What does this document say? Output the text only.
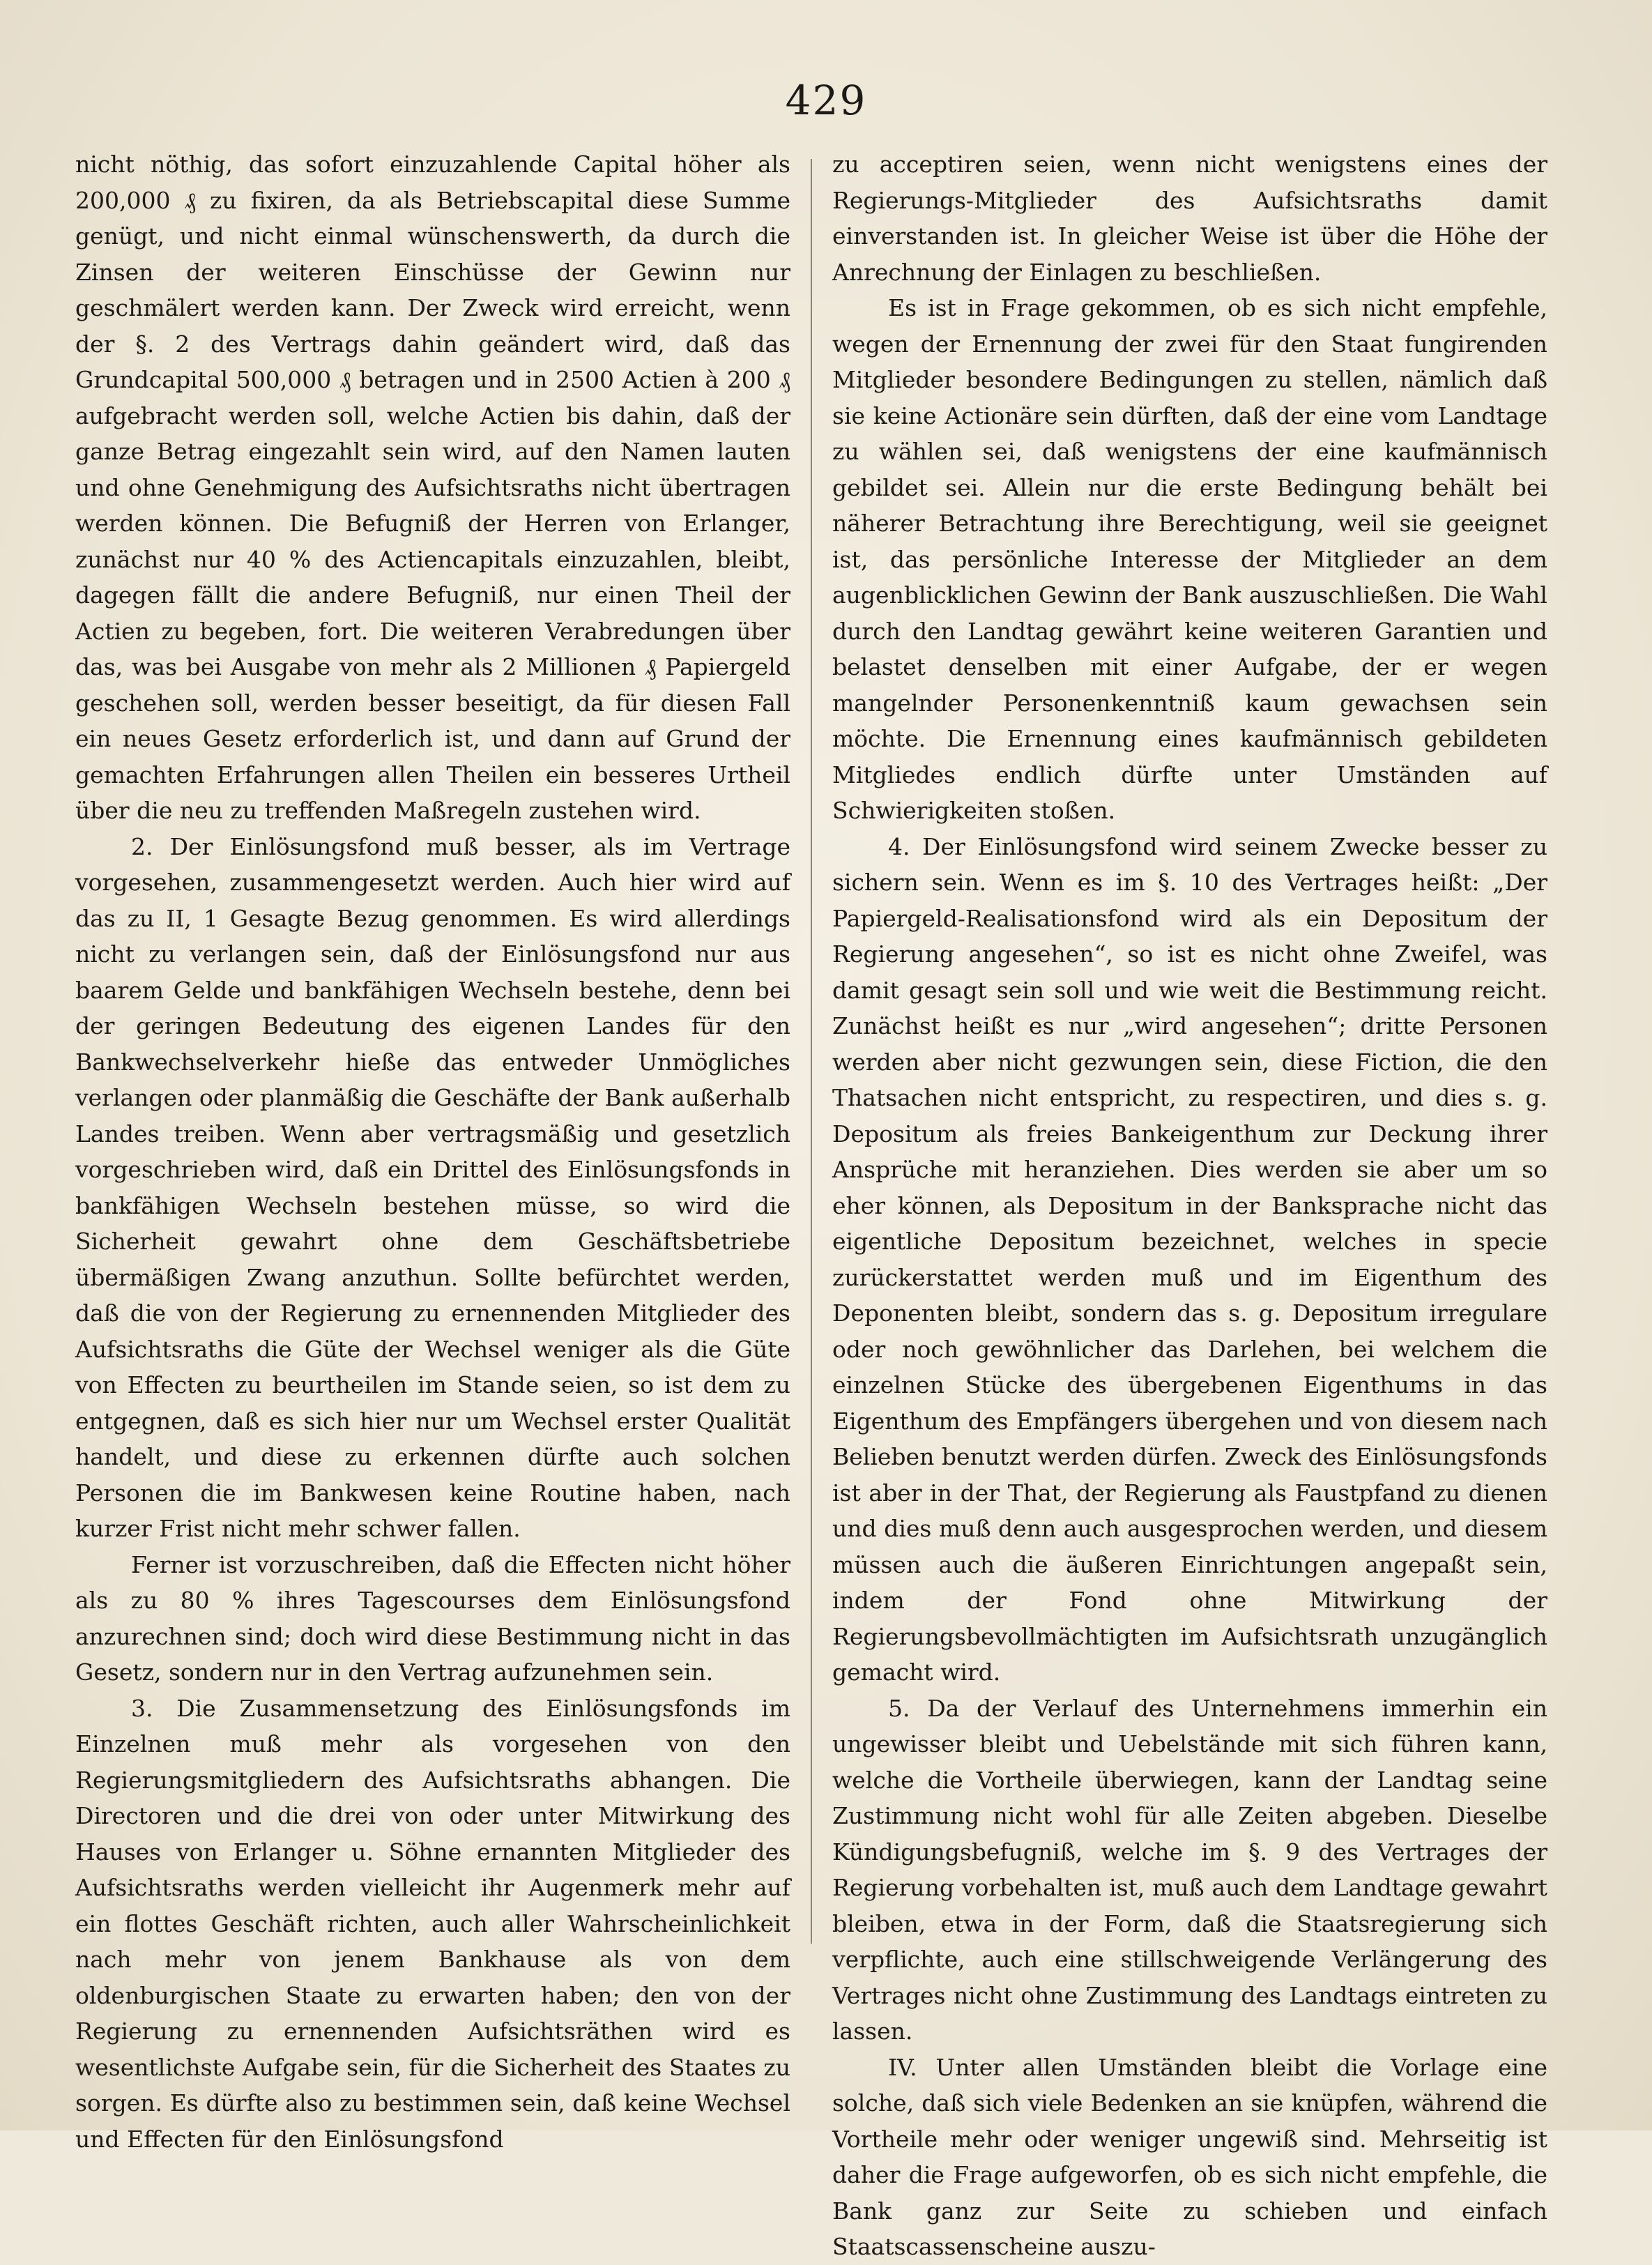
429

nicht nöthig, das sofort einzuzahlende Capital höher als 200,000 ₰ zu fixiren, da als Betriebscapital diese Summe genügt, und nicht einmal wünschenswerth, da durch die Zinsen der weiteren Einschüsse der Gewinn nur geschmälert werden kann. Der Zweck wird erreicht, wenn der §. 2 des Vertrags dahin geändert wird, daß das Grundcapital 500,000 ₰ betragen und in 2500 Actien à 200 ₰ aufgebracht werden soll, welche Actien bis dahin, daß der ganze Betrag eingezahlt sein wird, auf den Namen lauten und ohne Genehmigung des Aufsichtsraths nicht übertragen werden können. Die Befugniß der Herren von Erlanger, zunächst nur 40 % des Actiencapitals einzuzahlen, bleibt, dagegen fällt die andere Befugniß, nur einen Theil der Actien zu begeben, fort. Die weiteren Verabredungen über das, was bei Ausgabe von mehr als 2 Millionen ₰ Papiergeld geschehen soll, werden besser beseitigt, da für diesen Fall ein neues Gesetz erforderlich ist, und dann auf Grund der gemachten Erfahrungen allen Theilen ein besseres Urtheil über die neu zu treffenden Maßregeln zustehen wird.

2. Der Einlösungsfond muß besser, als im Vertrage vorgesehen, zusammengesetzt werden. Auch hier wird auf das zu II, 1 Gesagte Bezug genommen. Es wird allerdings nicht zu verlangen sein, daß der Einlösungsfond nur aus baarem Gelde und bankfähigen Wechseln bestehe, denn bei der geringen Bedeutung des eigenen Landes für den Bankwechselverkehr hieße das entweder Unmögliches verlangen oder planmäßig die Geschäfte der Bank außerhalb Landes treiben. Wenn aber vertragsmäßig und gesetzlich vorgeschrieben wird, daß ein Drittel des Einlösungsfonds in bankfähigen Wechseln bestehen müsse, so wird die Sicherheit gewahrt ohne dem Geschäftsbetriebe übermäßigen Zwang anzuthun. Sollte befürchtet werden, daß die von der Regierung zu ernennenden Mitglieder des Aufsichtsraths die Güte der Wechsel weniger als die Güte von Effecten zu beurtheilen im Stande seien, so ist dem zu entgegnen, daß es sich hier nur um Wechsel erster Qualität handelt, und diese zu erkennen dürfte auch solchen Personen die im Bankwesen keine Routine haben, nach kurzer Frist nicht mehr schwer fallen.

Ferner ist vorzuschreiben, daß die Effecten nicht höher als zu 80 % ihres Tagescourses dem Einlösungsfond anzurechnen sind; doch wird diese Bestimmung nicht in das Gesetz, sondern nur in den Vertrag aufzunehmen sein.

3. Die Zusammensetzung des Einlösungsfonds im Einzelnen muß mehr als vorgesehen von den Regierungsmitgliedern des Aufsichtsraths abhangen. Die Directoren und die drei von oder unter Mitwirkung des Hauses von Erlanger u. Söhne ernannten Mitglieder des Aufsichtsraths werden vielleicht ihr Augenmerk mehr auf ein flottes Geschäft richten, auch aller Wahrscheinlichkeit nach mehr von jenem Bankhause als von dem oldenburgischen Staate zu erwarten haben; den von der Regierung zu ernennenden Aufsichtsräthen wird es wesentlichste Aufgabe sein, für die Sicherheit des Staates zu sorgen. Es dürfte also zu bestimmen sein, daß keine Wechsel und Effecten für den Einlösungsfond

zu acceptiren seien, wenn nicht wenigstens eines der Regierungs-Mitglieder des Aufsichtsraths damit einverstanden ist. In gleicher Weise ist über die Höhe der Anrechnung der Einlagen zu beschließen.

Es ist in Frage gekommen, ob es sich nicht empfehle, wegen der Ernennung der zwei für den Staat fungirenden Mitglieder besondere Bedingungen zu stellen, nämlich daß sie keine Actionäre sein dürften, daß der eine vom Landtage zu wählen sei, daß wenigstens der eine kaufmännisch gebildet sei. Allein nur die erste Bedingung behält bei näherer Betrachtung ihre Berechtigung, weil sie geeignet ist, das persönliche Interesse der Mitglieder an dem augenblicklichen Gewinn der Bank auszuschließen. Die Wahl durch den Landtag gewährt keine weiteren Garantien und belastet denselben mit einer Aufgabe, der er wegen mangelnder Personenkenntniß kaum gewachsen sein möchte. Die Ernennung eines kaufmännisch gebildeten Mitgliedes endlich dürfte unter Umständen auf Schwierigkeiten stoßen.

4. Der Einlösungsfond wird seinem Zwecke besser zu sichern sein. Wenn es im §. 10 des Vertrages heißt: „Der Papiergeld-Realisationsfond wird als ein Depositum der Regierung angesehen“, so ist es nicht ohne Zweifel, was damit gesagt sein soll und wie weit die Bestimmung reicht. Zunächst heißt es nur „wird angesehen“; dritte Personen werden aber nicht gezwungen sein, diese Fiction, die den Thatsachen nicht entspricht, zu respectiren, und dies s. g. Depositum als freies Bankeigenthum zur Deckung ihrer Ansprüche mit heranziehen. Dies werden sie aber um so eher können, als Depositum in der Banksprache nicht das eigentliche Depositum bezeichnet, welches in specie zurückerstattet werden muß und im Eigenthum des Deponenten bleibt, sondern das s. g. Depositum irregulare oder noch gewöhnlicher das Darlehen, bei welchem die einzelnen Stücke des übergebenen Eigenthums in das Eigenthum des Empfängers übergehen und von diesem nach Belieben benutzt werden dürfen. Zweck des Einlösungsfonds ist aber in der That, der Regierung als Faustpfand zu dienen und dies muß denn auch ausgesprochen werden, und diesem müssen auch die äußeren Einrichtungen angepaßt sein, indem der Fond ohne Mitwirkung der Regierungsbevollmächtigten im Aufsichtsrath unzugänglich gemacht wird.

5. Da der Verlauf des Unternehmens immerhin ein ungewisser bleibt und Uebelstände mit sich führen kann, welche die Vortheile überwiegen, kann der Landtag seine Zustimmung nicht wohl für alle Zeiten abgeben. Dieselbe Kündigungsbefugniß, welche im §. 9 des Vertrages der Regierung vorbehalten ist, muß auch dem Landtage gewahrt bleiben, etwa in der Form, daß die Staatsregierung sich verpflichte, auch eine stillschweigende Verlängerung des Vertrages nicht ohne Zustimmung des Landtags eintreten zu lassen.

IV. Unter allen Umständen bleibt die Vorlage eine solche, daß sich viele Bedenken an sie knüpfen, während die Vortheile mehr oder weniger ungewiß sind. Mehrseitig ist daher die Frage aufgeworfen, ob es sich nicht empfehle, die Bank ganz zur Seite zu schieben und einfach Staatscassenscheine auszu-
